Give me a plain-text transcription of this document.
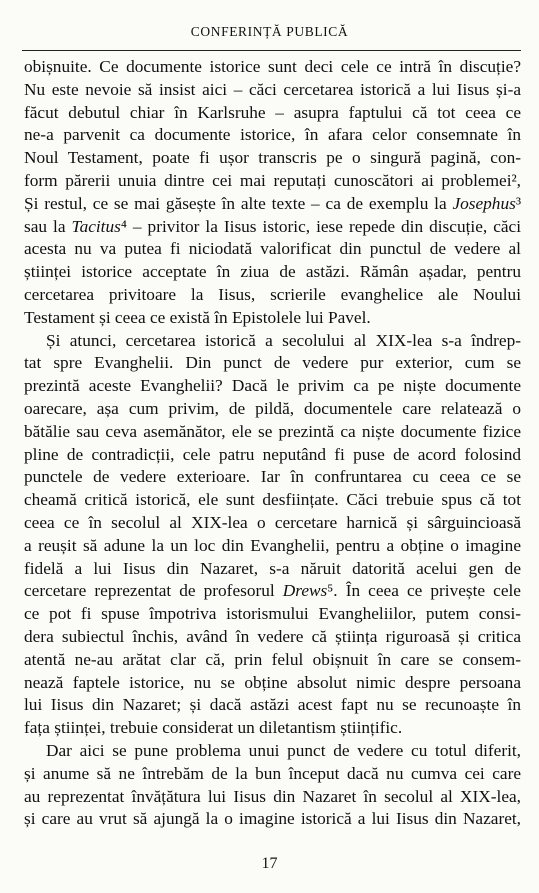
CONFERINȚĂ PUBLICĂ
obișnuite. Ce documente istorice sunt deci cele ce intră în discuție?
Nu este nevoie să insist aici – căci cercetarea istorică a lui Iisus și-a
făcut debutul chiar în Karlsruhe – asupra faptului că tot ceea ce
ne-a parvenit ca documente istorice, în afara celor consemnate în
Noul Testament, poate fi ușor transcris pe o singură pagină, con-
form părerii unuia dintre cei mai reputați cunoscători ai problemei²,
Și restul, ce se mai găsește în alte texte – ca de exemplu la Josephus³
sau la Tacitus⁴ – privitor la Iisus istoric, iese repede din discuție, căci
acesta nu va putea fi niciodată valorificat din punctul de vedere al
științei istorice acceptate în ziua de astăzi. Rămân așadar, pentru
cercetarea privitoare la Iisus, scrierile evanghelice ale Noului
Testament și ceea ce există în Epistolele lui Pavel.
Și atunci, cercetarea istorică a secolului al XIX-lea s-a îndrep-
tat spre Evanghelii. Din punct de vedere pur exterior, cum se
prezintă aceste Evanghelii? Dacă le privim ca pe niște documente
oarecare, așa cum privim, de pildă, documentele care relatează o
bătălie sau ceva asemănător, ele se prezintă ca niște documente fizice
pline de contradicții, cele patru neputând fi puse de acord folosind
punctele de vedere exterioare. Iar în confruntarea cu ceea ce se
cheamă critică istorică, ele sunt desființate. Căci trebuie spus că tot
ceea ce în secolul al XIX-lea o cercetare harnică și sârguincioasă
a reușit să adune la un loc din Evanghelii, pentru a obține o imagine
fidelă a lui Iisus din Nazaret, s-a năruit datorită acelui gen de
cercetare reprezentat de profesorul Drews⁵. În ceea ce privește cele
ce pot fi spuse împotriva istorismului Evangheliilor, putem consi-
dera subiectul închis, având în vedere că știința riguroasă și critica
atentă ne-au arătat clar că, prin felul obișnuit în care se consem-
nează faptele istorice, nu se obține absolut nimic despre persoana
lui Iisus din Nazaret; și dacă astăzi acest fapt nu se recunoaște în
fața științei, trebuie considerat un diletantism științific.
Dar aici se pune problema unui punct de vedere cu totul diferit,
și anume să ne întrebăm de la bun început dacă nu cumva cei care
au reprezentat învățătura lui Iisus din Nazaret în secolul al XIX-lea,
și care au vrut să ajungă la o imagine istorică a lui Iisus din Nazaret,
17
